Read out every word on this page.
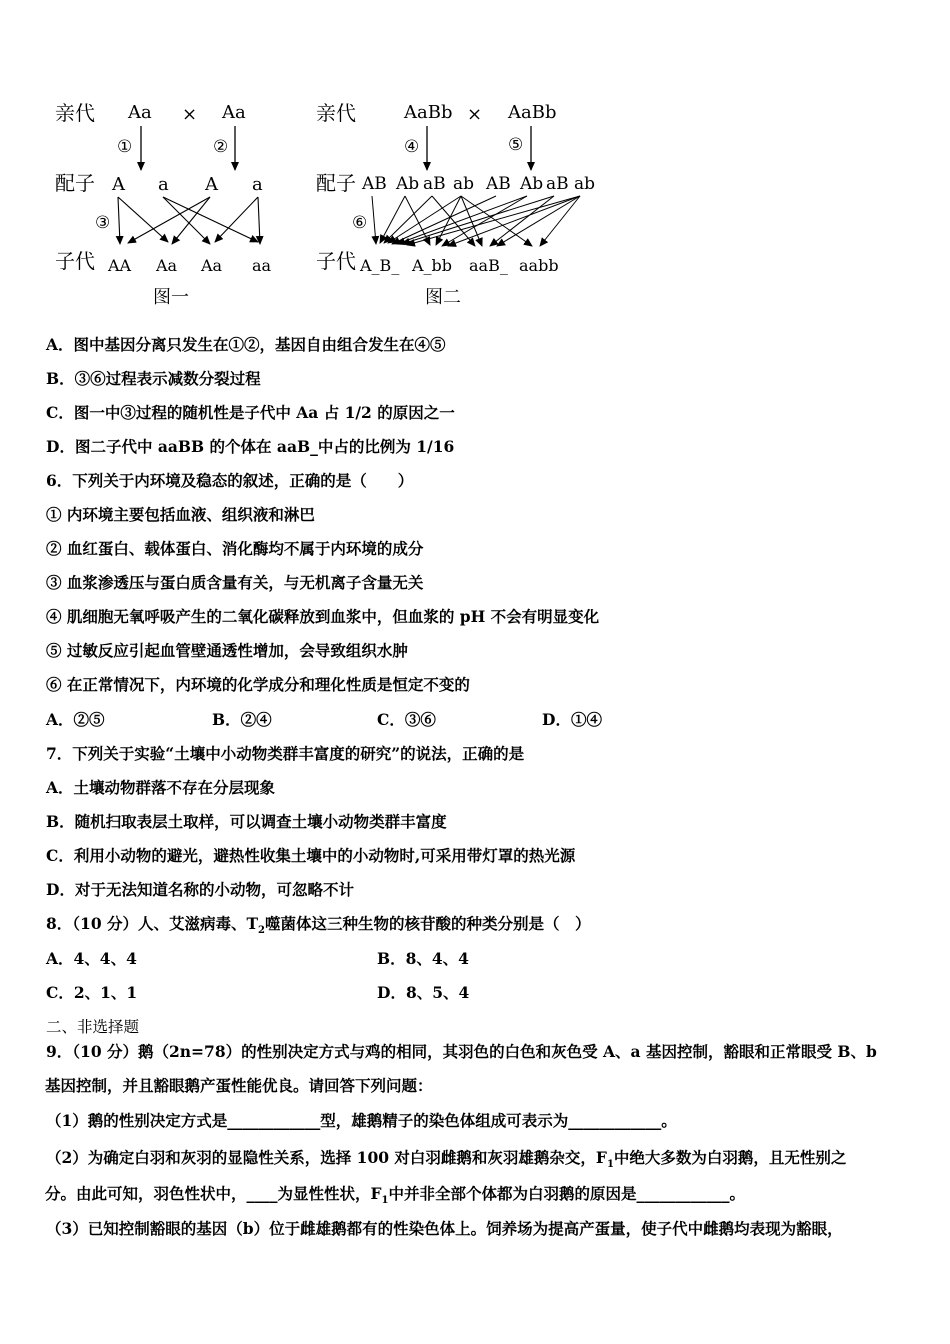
亲代 Aa × Aa
①	②
配子 A a A a
③
子代 AA Aa Aa aa
图一
亲代	AaBb × AaBb
④	⑤
配子 AB Ab aB ab AB Ab aB ab
⑥
子代 A_B_ A_bb aaB_ aabb
图二
A．图中基因分离只发生在①②，基因自由组合发生在④⑤
B．③⑥过程表示减数分裂过程
C．图一中③过程的随机性是子代中 Aa 占 1/2 的原因之一
D．图二子代中 aaBB 的个体在 aaB_中占的比例为 1/16
6．下列关于内环境及稳态的叙述，正确的是（　　）
① 内环境主要包括血液、组织液和淋巴
② 血红蛋白、载体蛋白、消化酶均不属于内环境的成分
③ 血浆渗透压与蛋白质含量有关，与无机离子含量无关
④ 肌细胞无氧呼吸产生的二氧化碳释放到血浆中，但血浆的 pH 不会有明显变化
⑤ 过敏反应引起血管壁通透性增加，会导致组织水肿
⑥ 在正常情况下，内环境的化学成分和理化性质是恒定不变的
A．②⑤	B．②④	C．③⑥	D．①④
7．下列关于实验“土壤中小动物类群丰富度的研究”的说法，正确的是
A．土壤动物群落不存在分层现象
B．随机扫取表层土取样，可以调查土壤小动物类群丰富度
C．利用小动物的避光，避热性收集土壤中的小动物时,可采用带灯罩的热光源
D．对于无法知道名称的小动物，可忽略不计
8．（10 分）人、艾滋病毒、$T_2$噬菌体这三种生物的核苷酸的种类分别是（　）
A．4、4、4	B．8、4、4
C．2、1、1	D．8、5、4
二、非选择题
9．（10 分）鹅（2n=78）的性别决定方式与鸡的相同，其羽色的白色和灰色受 A、a 基因控制，豁眼和正常眼受 B、b
基因控制，并且豁眼鹅产蛋性能优良。请回答下列问题：
（1）鹅的性别决定方式是____________型，雄鹅精子的染色体组成可表示为____________。
（2）为确定白羽和灰羽的显隐性关系，选择 100 对白羽雌鹅和灰羽雄鹅杂交，$F_1$中绝大多数为白羽鹅，且无性别之
分。由此可知，羽色性状中，____为显性性状，$F_1$中并非全部个体都为白羽鹅的原因是____________。
（3）已知控制豁眼的基因（b）位于雌雄鹅都有的性染色体上。饲养场为提高产蛋量，使子代中雌鹅均表现为豁眼，
